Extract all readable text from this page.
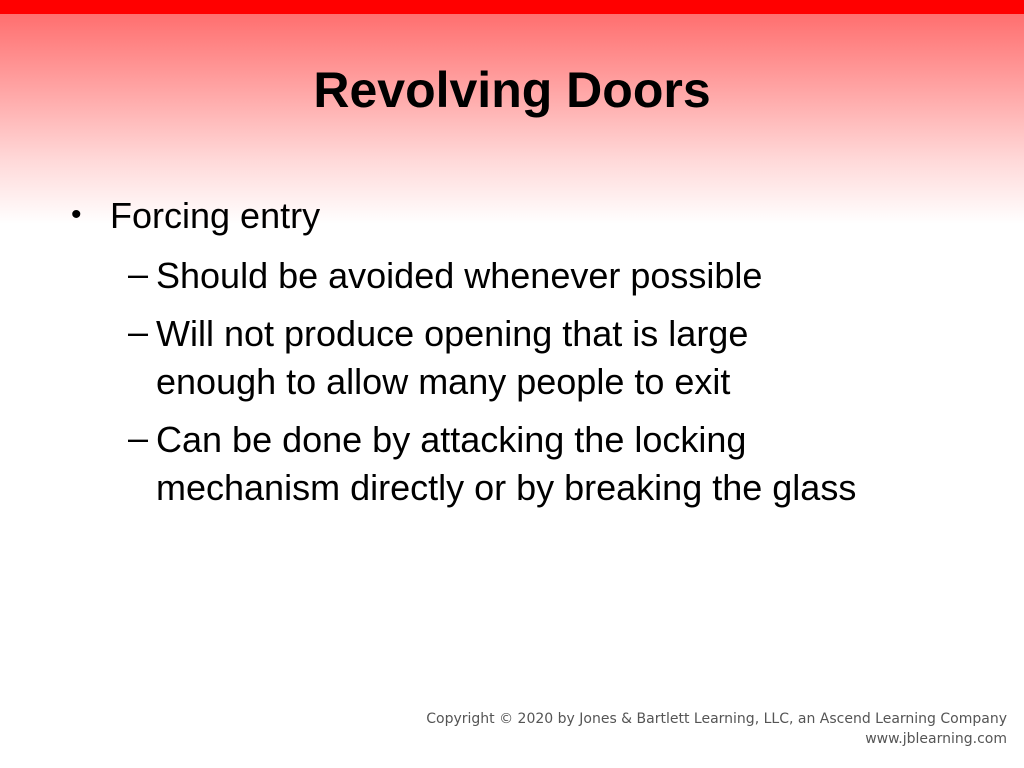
Revolving Doors
• Forcing entry
– Should be avoided whenever possible
– Will not produce opening that is large
enough to allow many people to exit
– Can be done by attacking the locking
mechanism directly or by breaking the glass
Copyright © 2020 by Jones & Bartlett Learning, LLC, an Ascend Learning Company
www.jblearning.com
